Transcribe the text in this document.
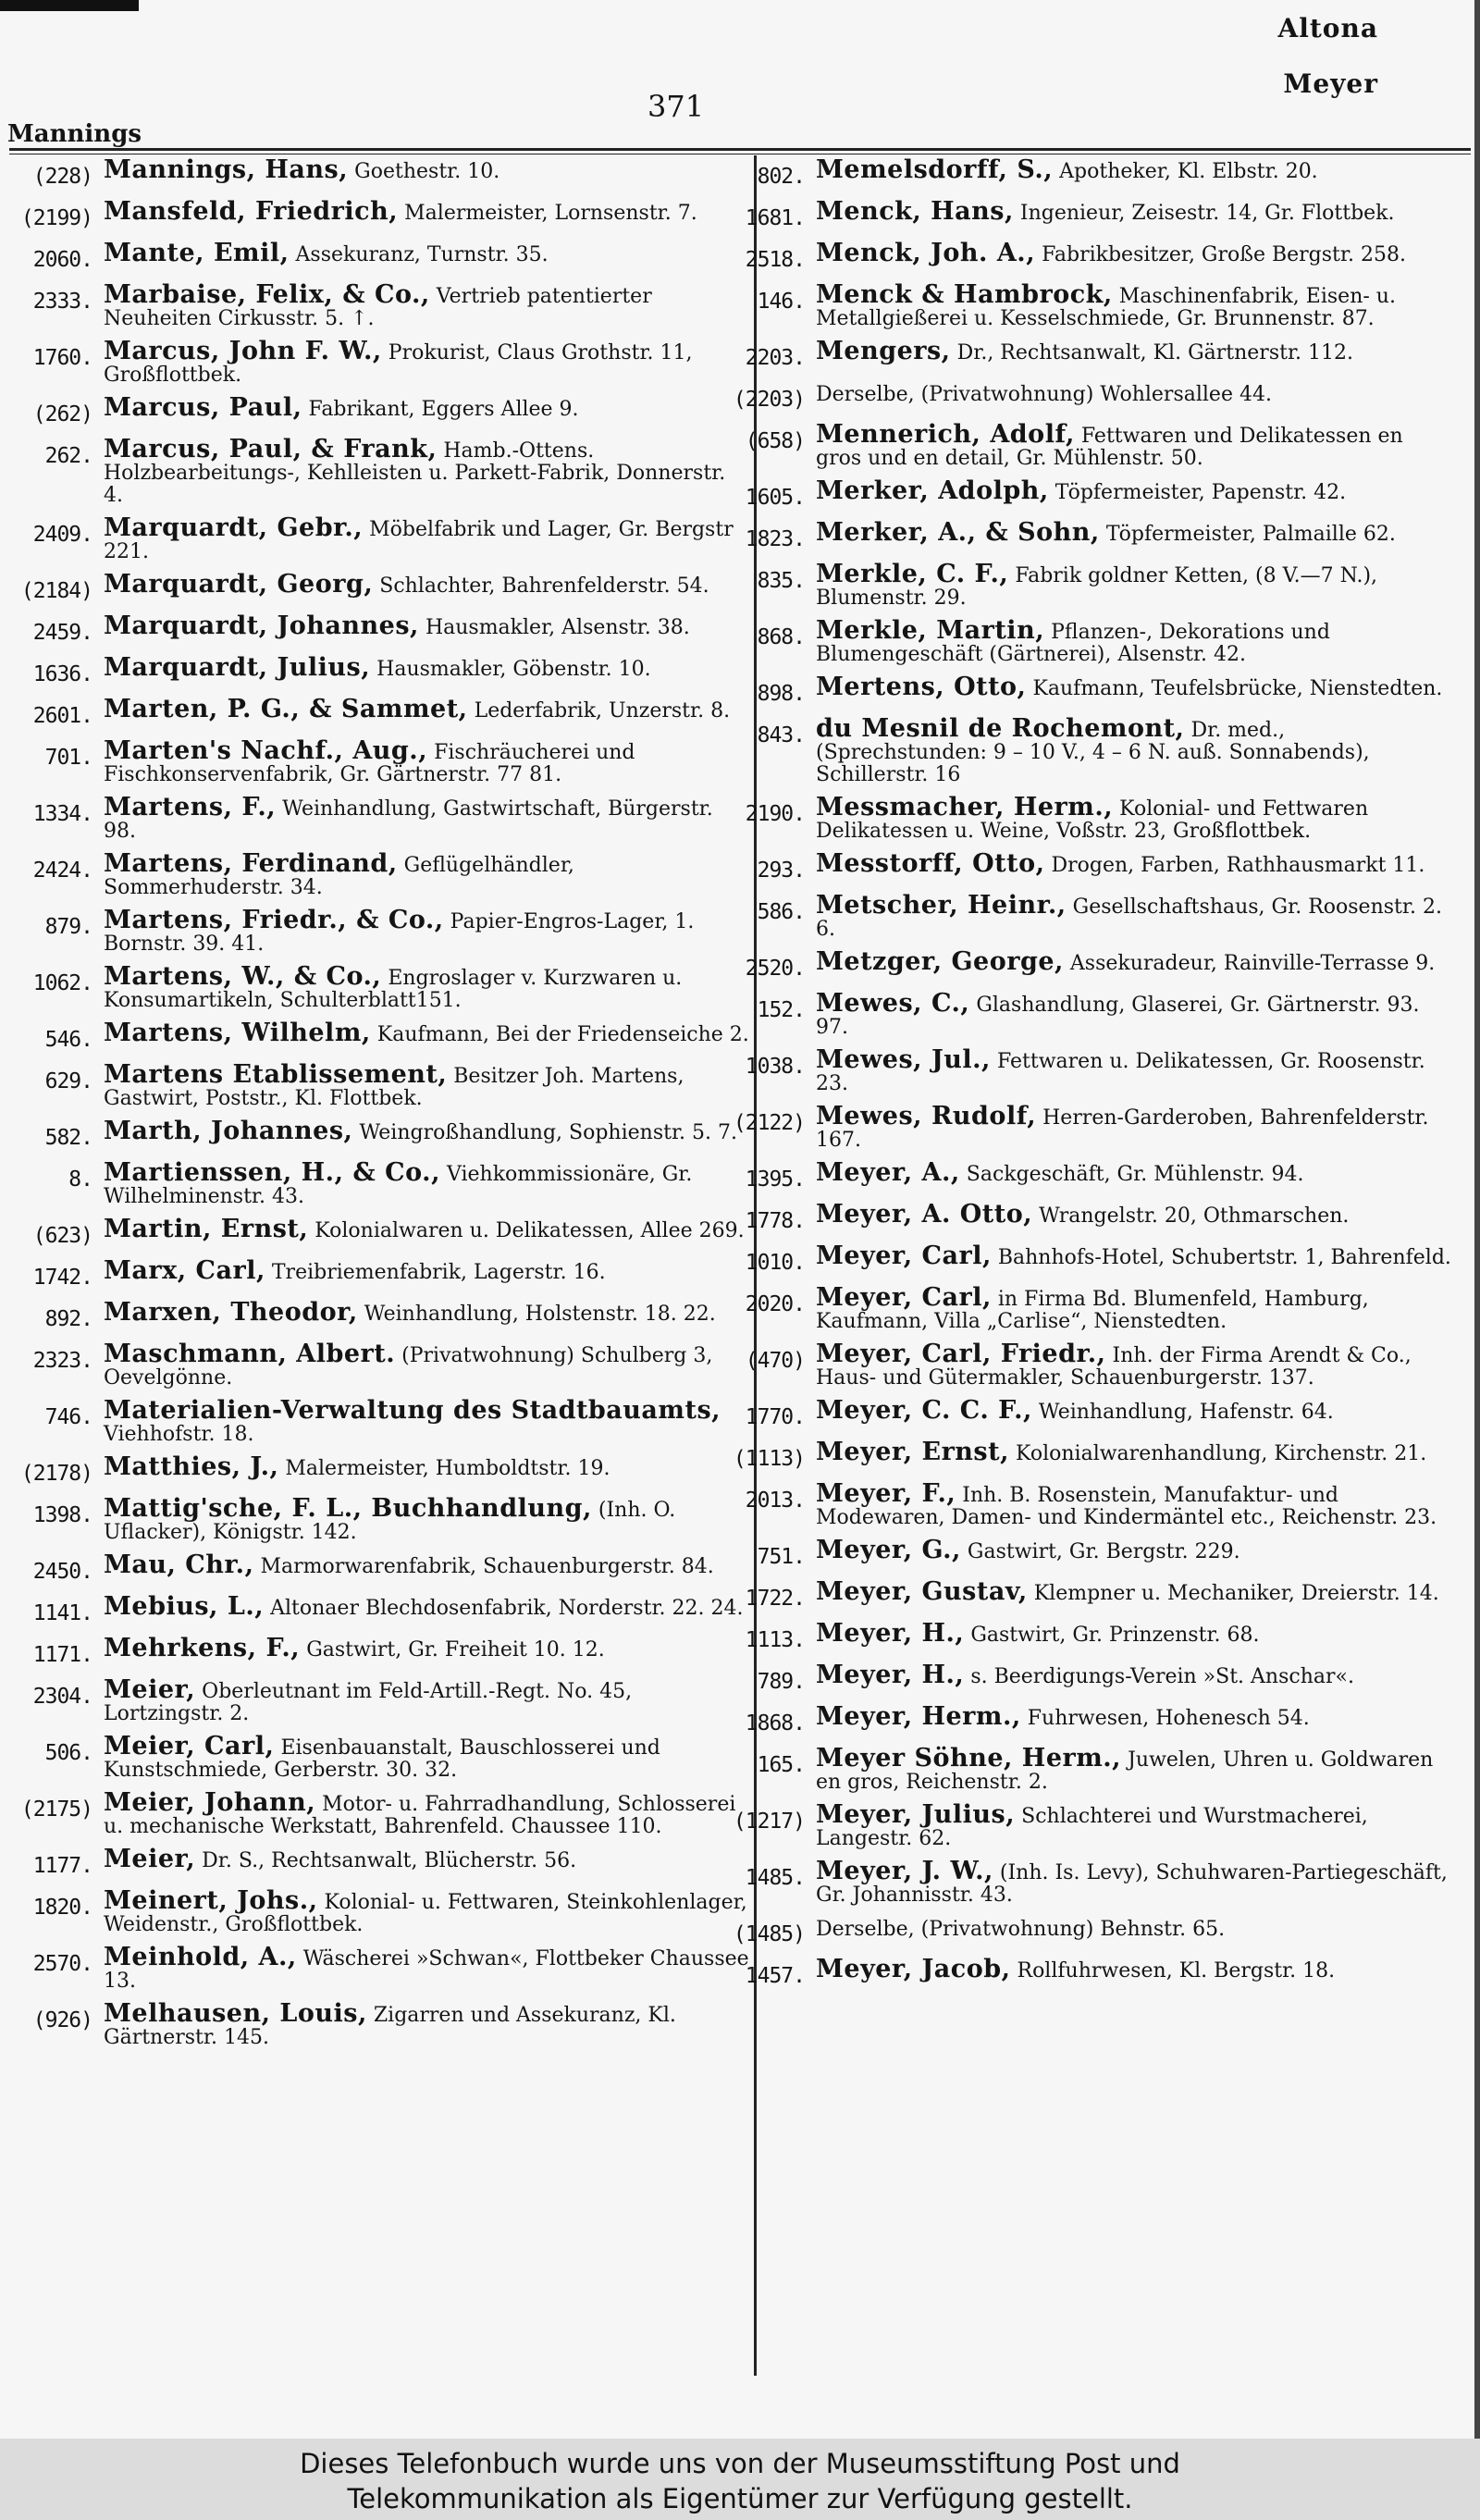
Altona
Meyer
371
Mannings
(228) Mannings, Hans, Goethestr. 10.
(2199) Mansfeld, Friedrich, Malermeister, Lornsenstr. 7.
2060. Mante, Emil, Assekuranz, Turnstr. 35.
2333. Marbaise, Felix, & Co., Vertrieb patentierter Neuheiten Cirkusstr. 5. ↑.
1760. Marcus, John F. W., Prokurist, Claus Grothstr. 11, Großflottbek.
(262) Marcus, Paul, Fabrikant, Eggers Allee 9.
262. Marcus, Paul, & Frank, Hamb.-Ottens. Holzbearbeitungs-, Kehlleisten u. Parkett-Fabrik, Donnerstr. 4.
2409. Marquardt, Gebr., Möbelfabrik und Lager, Gr. Bergstr 221.
(2184) Marquardt, Georg, Schlachter, Bahrenfelderstr. 54.
2459. Marquardt, Johannes, Hausmakler, Alsenstr. 38.
1636. Marquardt, Julius, Hausmakler, Göbenstr. 10.
2601. Marten, P. G., & Sammet, Lederfabrik, Unzerstr. 8.
701. Marten's Nachf., Aug., Fischräucherei und Fischkonservenfabrik, Gr. Gärtnerstr. 77 81.
1334. Martens, F., Weinhandlung, Gastwirtschaft, Bürgerstr. 98.
2424. Martens, Ferdinand, Geflügelhändler, Sommerhuderstr. 34.
879. Martens, Friedr., & Co., Papier-Engros-Lager, 1. Bornstr. 39. 41.
1062. Martens, W., & Co., Engroslager v. Kurzwaren u. Konsumartikeln, Schulterblatt151.
546. Martens, Wilhelm, Kaufmann, Bei der Friedenseiche 2.
629. Martens Etablissement, Besitzer Joh. Martens, Gastwirt, Poststr., Kl. Flottbek.
582. Marth, Johannes, Weingroßhandlung, Sophienstr. 5. 7.
8. Martienssen, H., & Co., Viehkommissionäre, Gr. Wilhelminenstr. 43.
(623) Martin, Ernst, Kolonialwaren u. Delikatessen, Allee 269.
1742. Marx, Carl, Treibriemenfabrik, Lagerstr. 16.
892. Marxen, Theodor, Weinhandlung, Holstenstr. 18. 22.
2323. Maschmann, Albert. (Privatwohnung) Schulberg 3, Oevelgönne.
746. Materialien-Verwaltung des Stadtbauamts, Viehhofstr. 18.
(2178) Matthies, J., Malermeister, Humboldtstr. 19.
1398. Mattig'sche, F. L., Buchhandlung, (Inh. O. Uflacker), Königstr. 142.
2450. Mau, Chr., Marmorwarenfabrik, Schauenburgerstr. 84.
1141. Mebius, L., Altonaer Blechdosenfabrik, Norderstr. 22. 24.
1171. Mehrkens, F., Gastwirt, Gr. Freiheit 10. 12.
2304. Meier, Oberleutnant im Feld-Artill.-Regt. No. 45, Lortzingstr. 2.
506. Meier, Carl, Eisenbauanstalt, Bauschlosserei und Kunstschmiede, Gerberstr. 30. 32.
(2175) Meier, Johann, Motor- u. Fahrradhandlung, Schlosserei u. mechanische Werkstatt, Bahrenfeld. Chaussee 110.
1177. Meier, Dr. S., Rechtsanwalt, Blücherstr. 56.
1820. Meinert, Johs., Kolonial- u. Fettwaren, Steinkohlenlager, Weidenstr., Großflottbek.
2570. Meinhold, A., Wäscherei »Schwan«, Flottbeker Chaussee 13.
(926) Melhausen, Louis, Zigarren und Assekuranz, Kl. Gärtnerstr. 145.
802. Memelsdorff, S., Apotheker, Kl. Elbstr. 20.
1681. Menck, Hans, Ingenieur, Zeisestr. 14, Gr. Flottbek.
2518. Menck, Joh. A., Fabrikbesitzer, Große Bergstr. 258.
146. Menck & Hambrock, Maschinenfabrik, Eisen- u. Metallgießerei u. Kesselschmiede, Gr. Brunnenstr. 87.
2203. Mengers, Dr., Rechtsanwalt, Kl. Gärtnerstr. 112.
(2203) Derselbe, (Privatwohnung) Wohlersallee 44.
(658) Mennerich, Adolf, Fettwaren und Delikatessen en gros und en detail, Gr. Mühlenstr. 50.
1605. Merker, Adolph, Töpfermeister, Papenstr. 42.
1823. Merker, A., & Sohn, Töpfermeister, Palmaille 62.
835. Merkle, C. F., Fabrik goldner Ketten, (8 V.—7 N.), Blumenstr. 29.
868. Merkle, Martin, Pflanzen-, Dekorations und Blumengeschäft (Gärtnerei), Alsenstr. 42.
898. Mertens, Otto, Kaufmann, Teufelsbrücke, Nienstedten.
843. du Mesnil de Rochemont, Dr. med., (Sprechstunden: 9 – 10 V., 4 – 6 N. auß. Sonnabends), Schillerstr. 16
2190. Messmacher, Herm., Kolonial- und Fettwaren Delikatessen u. Weine, Voßstr. 23, Großflottbek.
293. Messtorff, Otto, Drogen, Farben, Rathhausmarkt 11.
586. Metscher, Heinr., Gesellschaftshaus, Gr. Roosenstr. 2. 6.
2520. Metzger, George, Assekuradeur, Rainville-Terrasse 9.
152. Mewes, C., Glashandlung, Glaserei, Gr. Gärtnerstr. 93. 97.
1038. Mewes, Jul., Fettwaren u. Delikatessen, Gr. Roosenstr. 23.
(2122) Mewes, Rudolf, Herren-Garderoben, Bahrenfelderstr. 167.
1395. Meyer, A., Sackgeschäft, Gr. Mühlenstr. 94.
1778. Meyer, A. Otto, Wrangelstr. 20, Othmarschen.
1010. Meyer, Carl, Bahnhofs-Hotel, Schubertstr. 1, Bahrenfeld.
2020. Meyer, Carl, in Firma Bd. Blumenfeld, Hamburg, Kaufmann, Villa „Carlise“, Nienstedten.
(470) Meyer, Carl, Friedr., Inh. der Firma Arendt & Co., Haus- und Gütermakler, Schauenburgerstr. 137.
1770. Meyer, C. C. F., Weinhandlung, Hafenstr. 64.
(1113) Meyer, Ernst, Kolonialwarenhandlung, Kirchenstr. 21.
2013. Meyer, F., Inh. B. Rosenstein, Manufaktur- und Modewaren, Damen- und Kindermäntel etc., Reichenstr. 23.
751. Meyer, G., Gastwirt, Gr. Bergstr. 229.
1722. Meyer, Gustav, Klempner u. Mechaniker, Dreierstr. 14.
1113. Meyer, H., Gastwirt, Gr. Prinzenstr. 68.
789. Meyer, H., s. Beerdigungs-Verein »St. Anschar«.
1868. Meyer, Herm., Fuhrwesen, Hohenesch 54.
165. Meyer Söhne, Herm., Juwelen, Uhren u. Goldwaren en gros, Reichenstr. 2.
(1217) Meyer, Julius, Schlachterei und Wurstmacherei, Langestr. 62.
1485. Meyer, J. W., (Inh. Is. Levy), Schuhwaren-Partiegeschäft, Gr. Johannisstr. 43.
(1485) Derselbe, (Privatwohnung) Behnstr. 65.
1457. Meyer, Jacob, Rollfuhrwesen, Kl. Bergstr. 18.
Dieses Telefonbuch wurde uns von der Museumsstiftung Post und
Telekommunikation als Eigentümer zur Verfügung gestellt.
